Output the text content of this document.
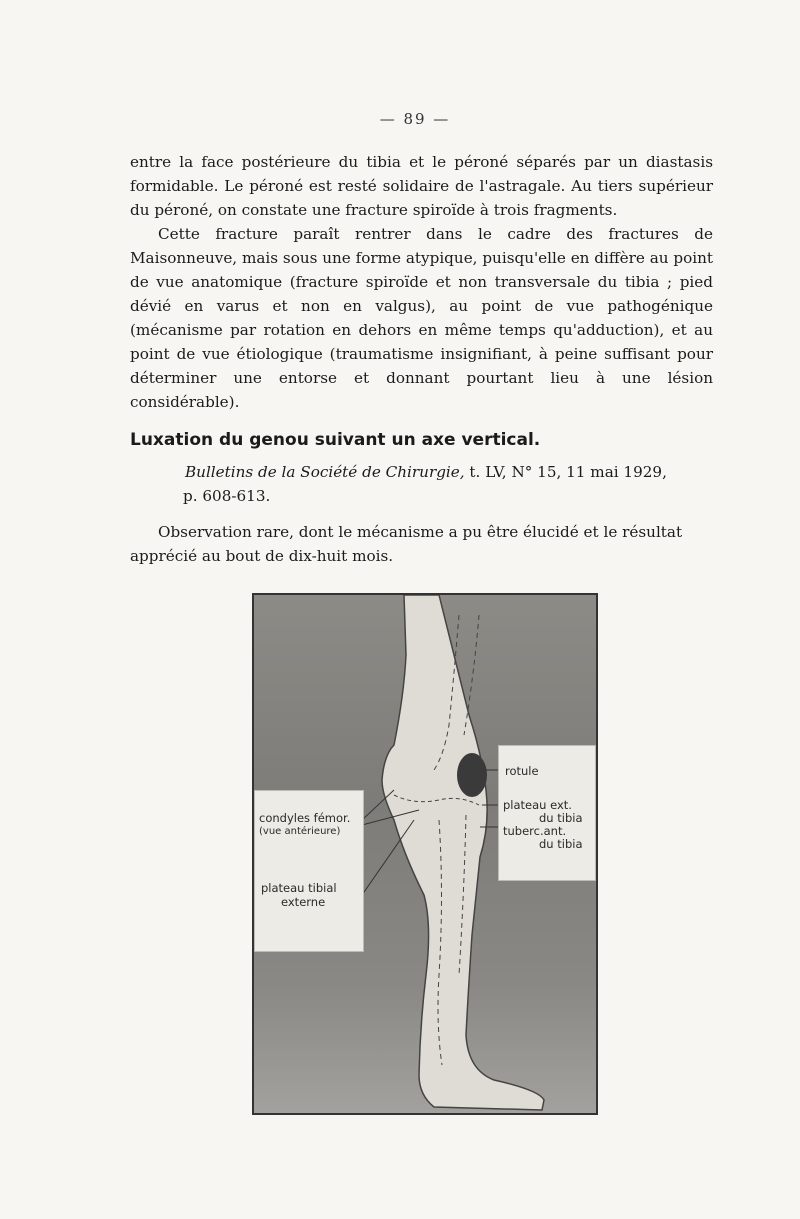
— 89 —

entre la face postérieure du tibia et le péroné séparés par un diastasis formidable. Le péroné est resté solidaire de l'astragale. Au tiers supérieur du péroné, on constate une fracture spiroïde à trois fragments.

Cette fracture paraît rentrer dans le cadre des fractures de Maisonneuve, mais sous une forme atypique, puisqu'elle en diffère au point de vue anatomique (fracture spiroïde et non transversale du tibia ; pied dévié en varus et non en valgus), au point de vue pathogénique (mécanisme par rotation en dehors en même temps qu'adduction), et au point de vue étiologique (traumatisme insignifiant, à peine suffisant pour déterminer une entorse et donnant pourtant lieu à une lésion considérable).

Luxation du genou suivant un axe vertical.
Bulletins de la Société de Chirurgie, t. LV, N° 15, 11 mai 1929,
p. 608-613.
Observation rare, dont le mécanisme a pu être élucidé et le résultat apprécié au bout de dix-huit mois.
condyles fémor.
(vue antérieure)
plateau tibial
externe
rotule
plateau ext.
du tibia
tuberc.ant.
du tibia
